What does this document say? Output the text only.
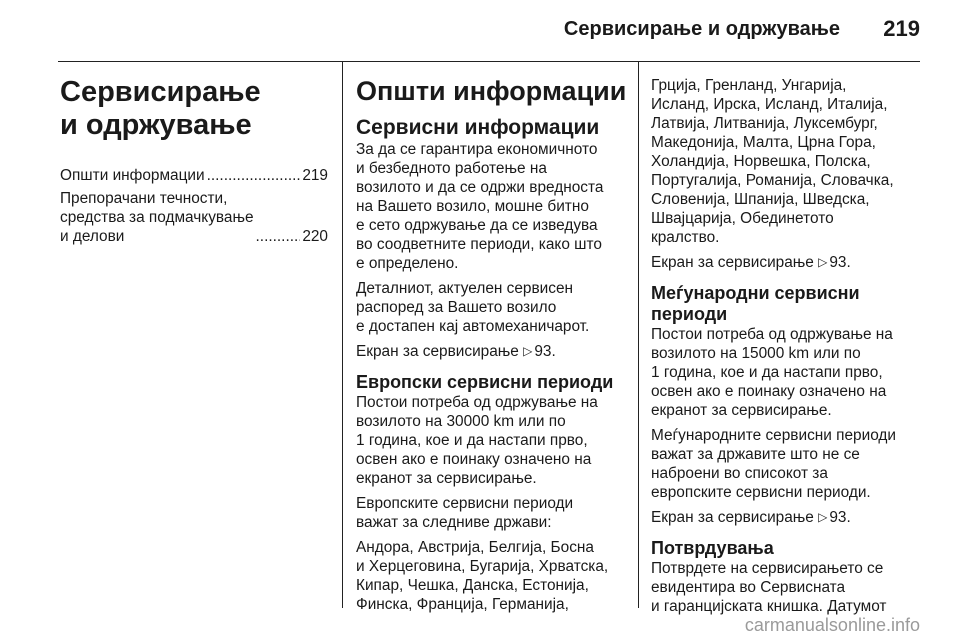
Сервисирање и одржување 219
Сервисирање
и одржување
Општи информации .....	219
Препорачани течности,
средства за подмачкување
и делови .....	220
Општи информации
Сервисни информации

За да се гарантира економичното
и безбедното работење на
возилото и да се одржи вредноста
на Вашето возило, мошне битно
е сето одржување да се изведува
во соодветните периоди, како што
е определено.

Деталниот, актуелен сервисен
распоред за Вашето возило
е достапен кај автомеханичарот.

Екран за сервисирање ▷ 93.

Европски сервисни периоди

Постои потреба од одржување на
возилото на 30000 km или по
1 година, кое и да настапи прво,
освен ако е поинаку означено на
екранот за сервисирање.

Европските сервисни периоди
важат за следниве држави:

Андора, Австрија, Белгија, Босна
и Херцеговина, Бугарија, Хрватска,
Кипар, Чешка, Данска, Естонија,
Финска, Франција, Германија,

Грција, Гренланд, Унгарија,
Исланд, Ирска, Исланд, Италија,
Латвија, Литванија, Луксембург,
Македонија, Малта, Црна Гора,
Холандија, Норвешка, Полска,
Португалија, Романија, Словачка,
Словенија, Шпанија, Шведска,
Швајцарија, Обединетото
кралство.

Екран за сервисирање ▷ 93.

Меѓународни сервисни
периоди

Постои потреба од одржување на
возилото на 15000 km или по
1 година, кое и да настапи прво,
освен ако е поинаку означено на
екранот за сервисирање.

Меѓународните сервисни периоди
важат за државите што не се
наброени во списокот за
европските сервисни периоди.

Екран за сервисирање ▷ 93.

Потврдувања

Потврдете на сервисирањето се
евидентира во Сервисната
и гаранцијската книшка. Датумот

carmanualsonline.info
